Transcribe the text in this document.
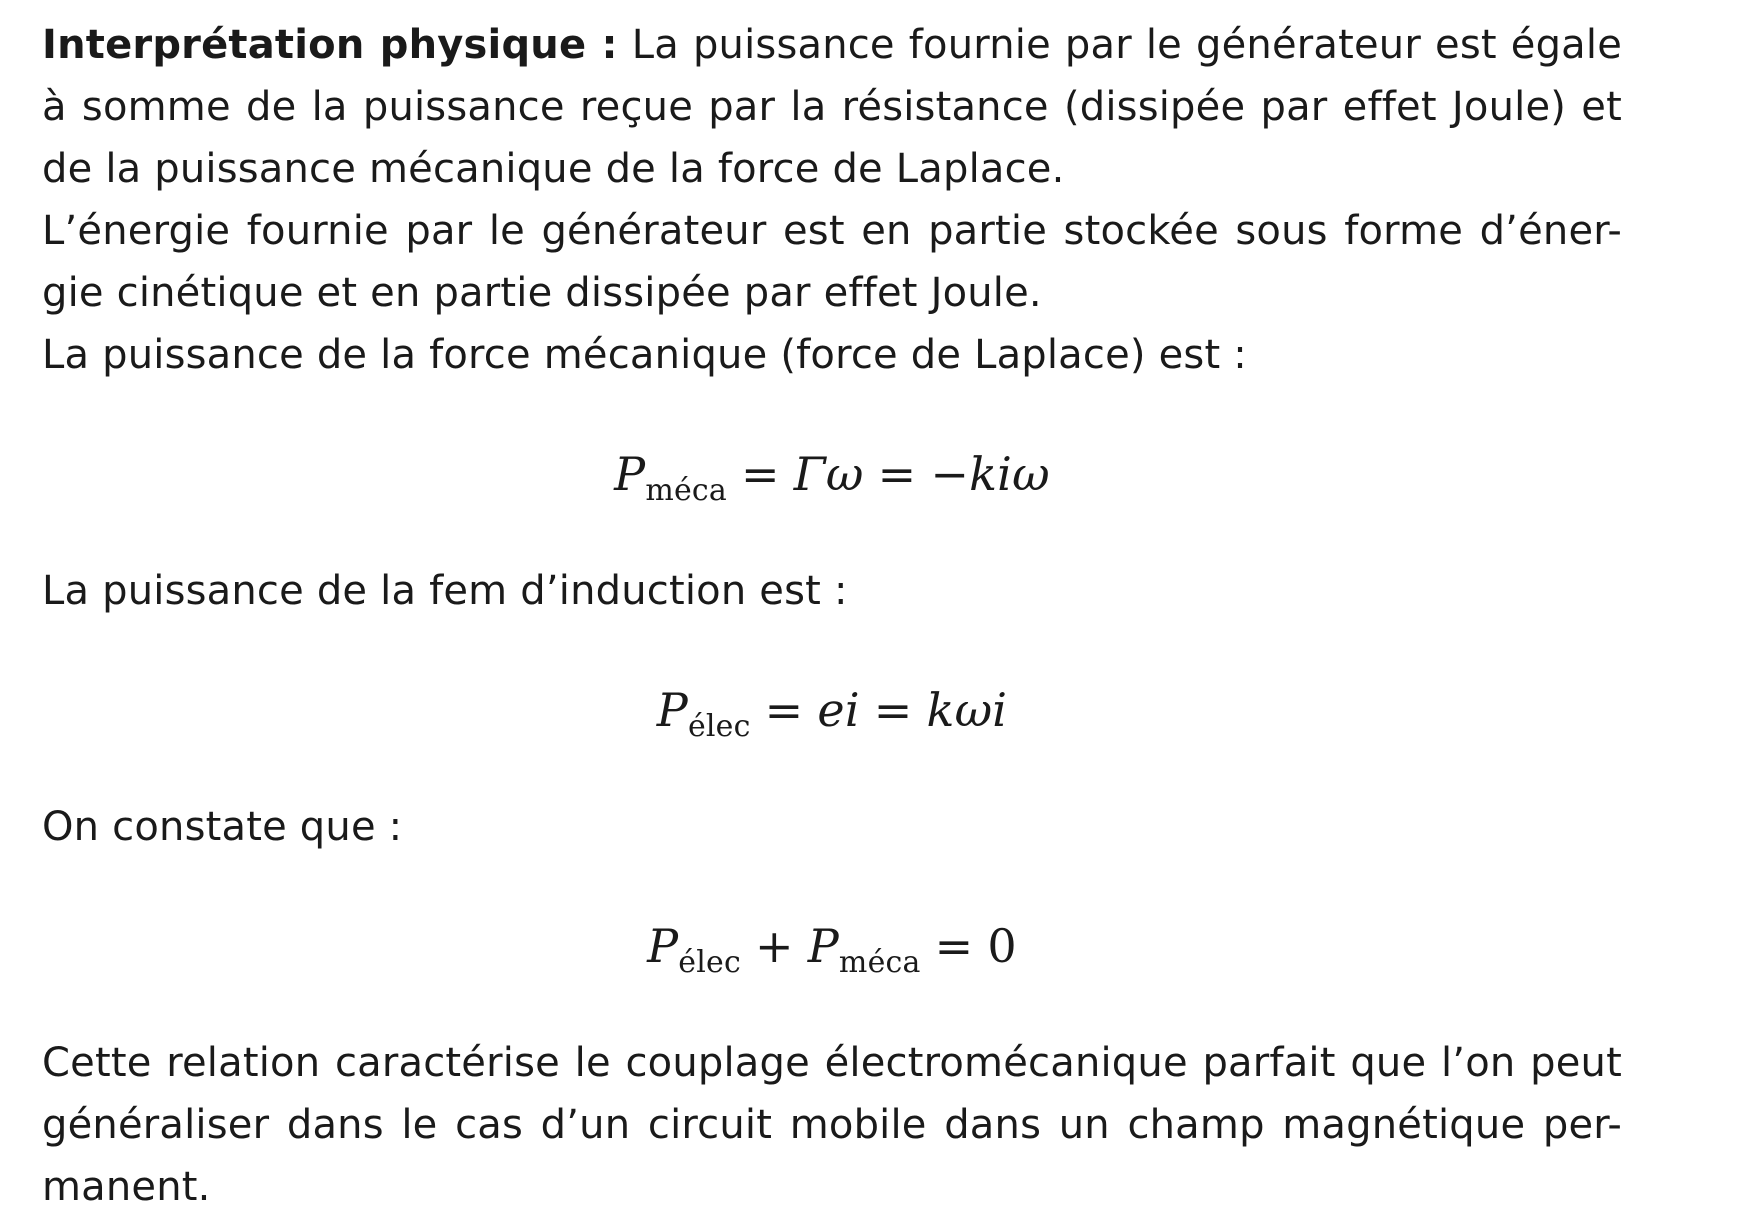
Interprétation physique : La puissance fournie par le générateur est égale
à somme de la puissance reçue par la résistance (dissipée par effet Joule) et
de la puissance mécanique de la force de Laplace.
L’énergie fournie par le générateur est en partie stockée sous forme d’éner-
gie cinétique et en partie dissipée par effet Joule.
La puissance de la force mécanique (force de Laplace) est :
$P_{méca} = \Gamma\omega = -ki\omega$
La puissance de la fem d’induction est :
$P_{élec}$ = ei = kωi
On constate que :
$P_{élec} + P_{méca} = 0$
Cette relation caractérise le couplage électromécanique parfait que l’on peut
généraliser dans le cas d’un circuit mobile dans un champ magnétique per-
manent.
